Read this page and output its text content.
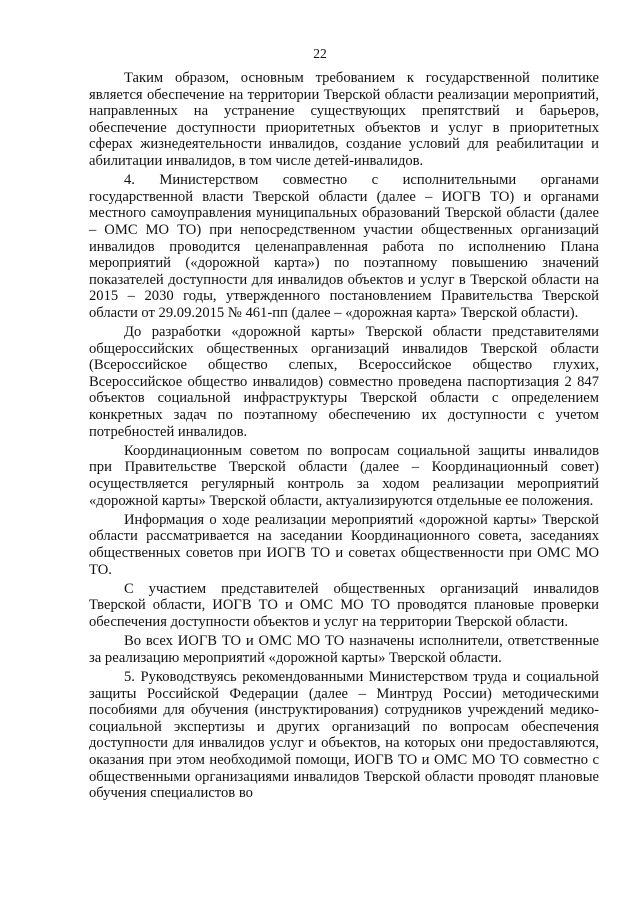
22

Таким образом, основным требованием к государственной политике является обеспечение на территории Тверской области реализации мероприятий, направленных на устранение существующих препятствий и барьеров, обеспечение доступности приоритетных объектов и услуг в приоритетных сферах жизнедеятельности инвалидов, создание условий для реабилитации и абилитации инвалидов, в том числе детей-инвалидов.

4. Министерством совместно с исполнительными органами государственной власти Тверской области (далее – ИОГВ ТО) и органами местного самоуправления муниципальных образований Тверской области (далее – ОМС МО ТО) при непосредственном участии общественных организаций инвалидов проводится целенаправленная работа по исполнению Плана мероприятий («дорожной карта») по поэтапному повышению значений показателей доступности для инвалидов объектов и услуг в Тверской области на 2015 – 2030 годы, утвержденного постановлением Правительства Тверской области от 29.09.2015 № 461-пп (далее – «дорожная карта» Тверской области).

До разработки «дорожной карты» Тверской области представителями общероссийских общественных организаций инвалидов Тверской области (Всероссийское общество слепых, Всероссийское общество глухих, Всероссийское общество инвалидов) совместно проведена паспортизация 2 847 объектов социальной инфраструктуры Тверской области с определением конкретных задач по поэтапному обеспечению их доступности с учетом потребностей инвалидов.

Координационным советом по вопросам социальной защиты инвалидов при Правительстве Тверской области (далее – Координационный совет) осуществляется регулярный контроль за ходом реализации мероприятий «дорожной карты» Тверской области, актуализируются отдельные ее положения.

Информация о ходе реализации мероприятий «дорожной карты» Тверской области рассматривается на заседании Координационного совета, заседаниях общественных советов при ИОГВ ТО и советах общественности при ОМС МО ТО.

С участием представителей общественных организаций инвалидов Тверской области, ИОГВ ТО и ОМС МО ТО проводятся плановые проверки обеспечения доступности объектов и услуг на территории Тверской области.

Во всех ИОГВ ТО и ОМС МО ТО назначены исполнители, ответственные за реализацию мероприятий «дорожной карты» Тверской области.

5. Руководствуясь рекомендованными Министерством труда и социальной защиты Российской Федерации (далее – Минтруд России) методическими пособиями для обучения (инструктирования) сотрудников учреждений медико-социальной экспертизы и других организаций по вопросам обеспечения доступности для инвалидов услуг и объектов, на которых они предоставляются, оказания при этом необходимой помощи, ИОГВ ТО и ОМС МО ТО совместно с общественными организациями инвалидов Тверской области проводят плановые обучения специалистов во
